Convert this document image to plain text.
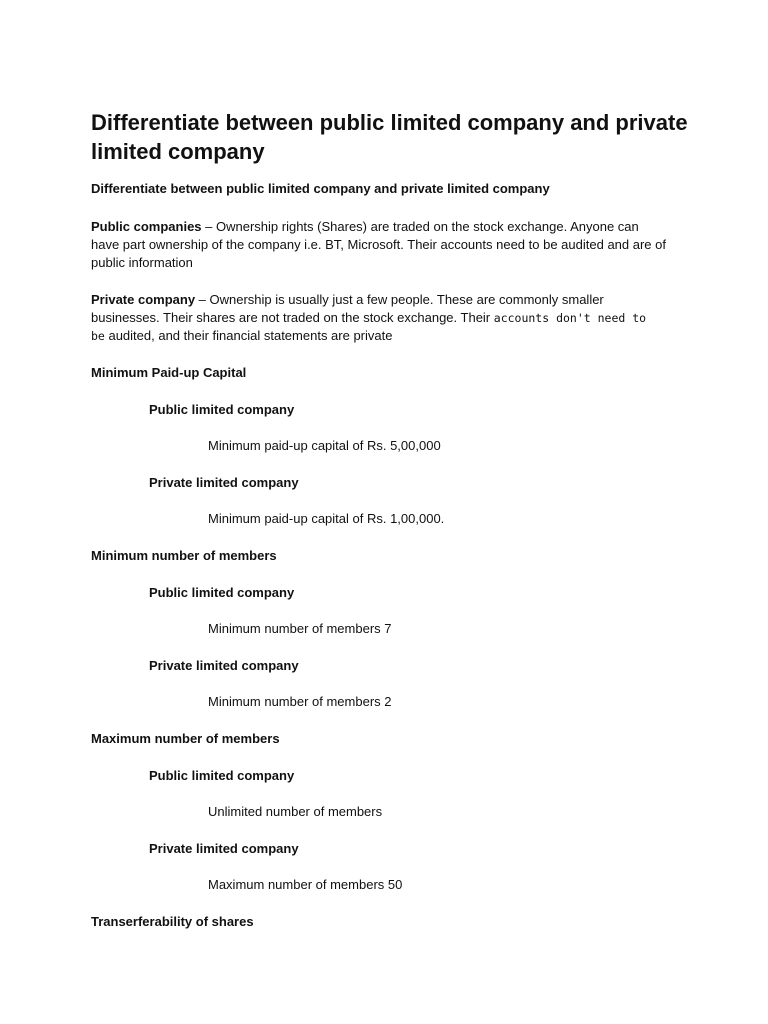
Differentiate between public limited company and private limited company

Differentiate between public limited company and private limited company

Public companies – Ownership rights (Shares) are traded on the stock exchange. Anyone can have part ownership of the company i.e. BT, Microsoft. Their accounts need to be audited and are of public information

Private company – Ownership is usually just a few people. These are commonly smaller businesses. Their shares are not traded on the stock exchange. Their accounts don't need to be audited, and their financial statements are private

Minimum Paid-up Capital

Public limited company

Minimum paid-up capital of Rs. 5,00,000

Private limited company

Minimum paid-up capital of Rs. 1,00,000.

Minimum number of members

Public limited company

Minimum number of members 7

Private limited company

Minimum number of members 2

Maximum number of members

Public limited company

Unlimited number of members

Private limited company

Maximum number of members 50

Transerferability of shares
